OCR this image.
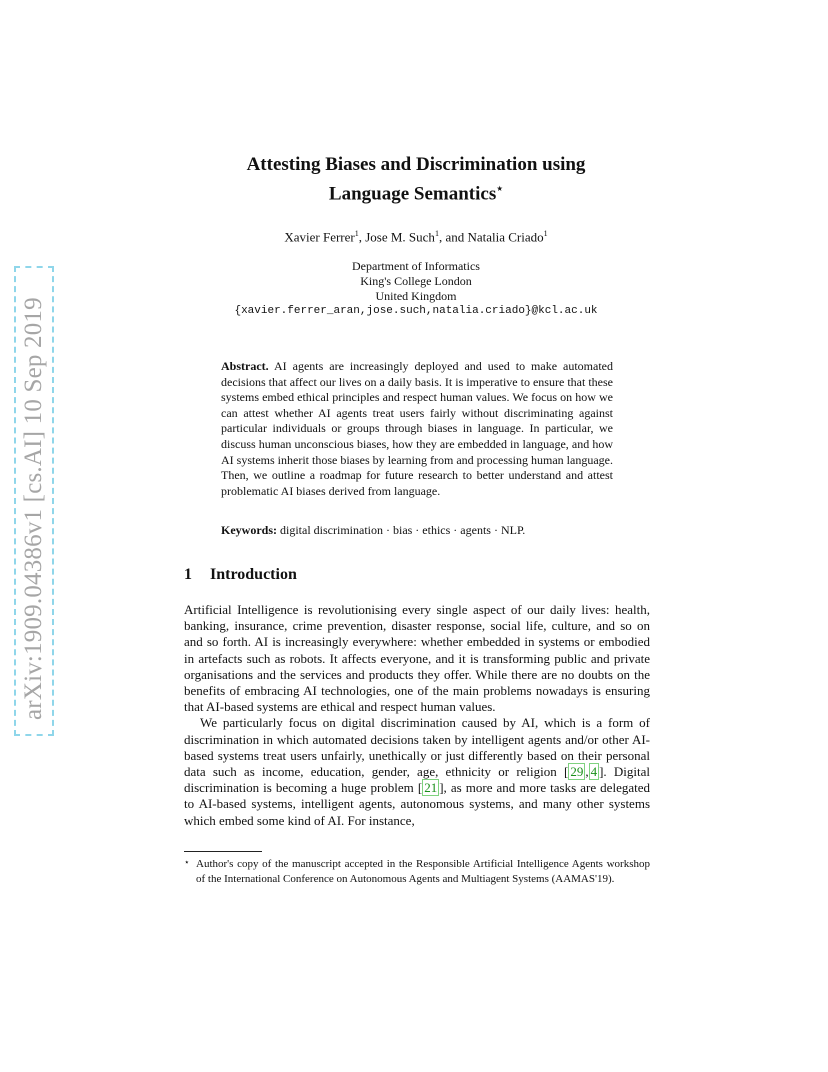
arXiv:1909.04386v1 [cs.AI] 10 Sep 2019
Attesting Biases and Discrimination using
Language Semantics⋆
Xavier Ferrer$^1$, Jose M. Such$^1$, and Natalia Criado$^1$
Department of Informatics
King's College London
United Kingdom
{xavier.ferrer_aran,jose.such,natalia.criado}@kcl.ac.uk
Abstract. AI agents are increasingly deployed and used to make automated decisions that affect our lives on a daily basis. It is imperative to ensure that these systems embed ethical principles and respect human values. We focus on how we can attest whether AI agents treat users fairly without discriminating against particular individuals or groups through biases in language. In particular, we discuss human unconscious biases, how they are embedded in language, and how AI systems inherit those biases by learning from and processing human language. Then, we outline a roadmap for future research to better understand and attest problematic AI biases derived from language.
Keywords: digital discrimination · bias · ethics · agents · NLP.
1 Introduction

Artificial Intelligence is revolutionising every single aspect of our daily lives: health, banking, insurance, crime prevention, disaster response, social life, culture, and so on and so forth. AI is increasingly everywhere: whether embedded in systems or embodied in artefacts such as robots. It affects everyone, and it is transforming public and private organisations and the services and products they offer. While there are no doubts on the benefits of embracing AI technologies, one of the main problems nowadays is ensuring that AI-based systems are ethical and respect human values.

We particularly focus on digital discrimination caused by AI, which is a form of discrimination in which automated decisions taken by intelligent agents and/or other AI-based systems treat users unfairly, unethically or just differently based on their personal data such as income, education, gender, age, ethnicity or religion [ 29 , 4 ]. Digital discrimination is becoming a huge problem [ 21 ], as more and more tasks are delegated to AI-based systems, intelligent agents, autonomous systems, and many other systems which embed some kind of AI. For instance,

⋆ Author's copy of the manuscript accepted in the Responsible Artificial Intelligence Agents workshop of the International Conference on Autonomous Agents and Multiagent Systems (AAMAS'19).
